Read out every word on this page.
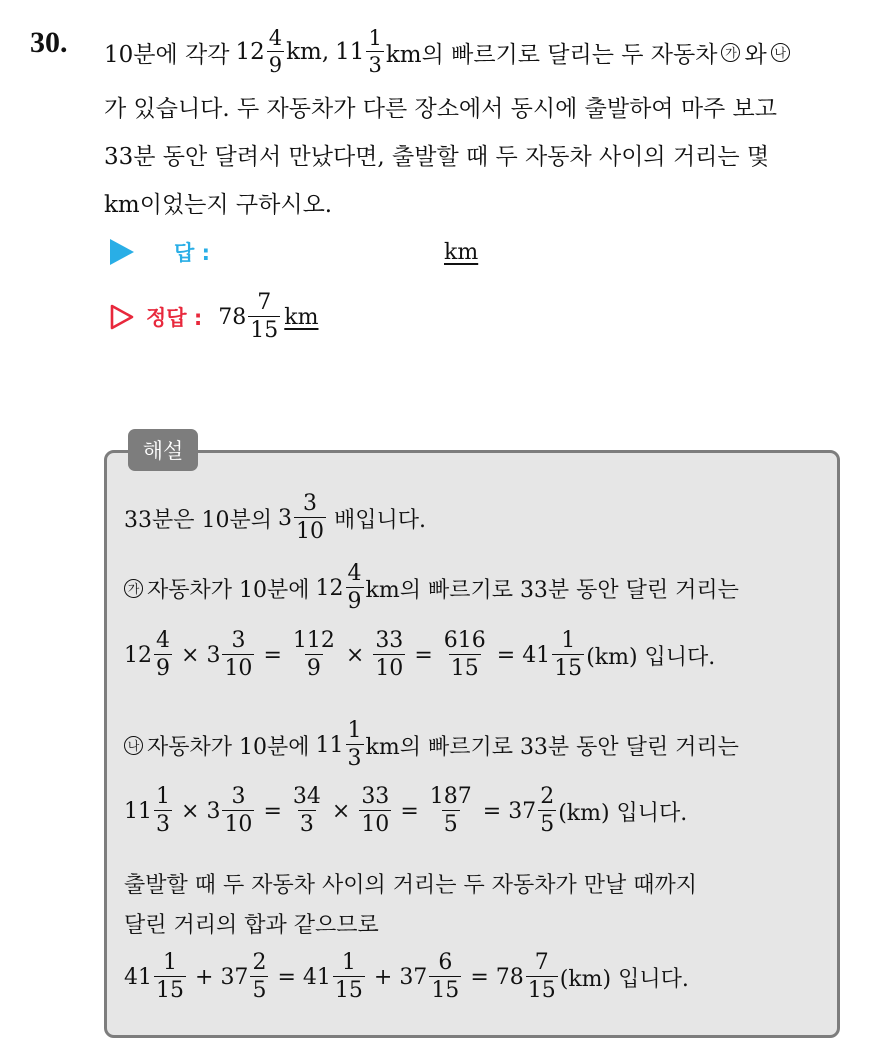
30. 10분에 각각 $12 \frac{4}{9}$ km, $11 \frac{1}{3}$ km의 빠르기로 달리는 두 자동차 가 와 나
가 있습니다. 두 자동차가 다른 장소에서 동시에 출발하여 마주 보고
33분 동안 달려서 만났다면, 출발할 때 두 자동차 사이의 거리는 몇
km이었는지 구하시오.
답 :	km
정답 : $78 \frac{7}{15}$ km
해설
33분은 10분의 $3 \frac{3}{10}$ 배입니다.
가 자동차가 10분에 $12 \frac{4}{9}$ km의 빠르기로 33분 동안 달린 거리는
$12 \frac{4}{9} \times 3 \frac{3}{10} = \frac{112}{9} \times \frac{33}{10} = \frac{616}{15} = 41 \frac{1}{15} (km)$ 입니다.
나 자동차가 10분에 $11 \frac{1}{3}$ km의 빠르기로 33분 동안 달린 거리는
$11 \frac{1}{3} \times 3 \frac{3}{10} = \frac{34}{3} \times \frac{33}{10} = \frac{187}{5} = 37 \frac{2}{5} (km)$ 입니다.
출발할 때 두 자동차 사이의 거리는 두 자동차가 만날 때까지
달린 거리의 합과 같으므로
$41 \frac{1}{15} + 37 \frac{2}{5} = 41 \frac{1}{15} + 37 \frac{6}{15} = 78 \frac{7}{15} (km)$ 입니다.
